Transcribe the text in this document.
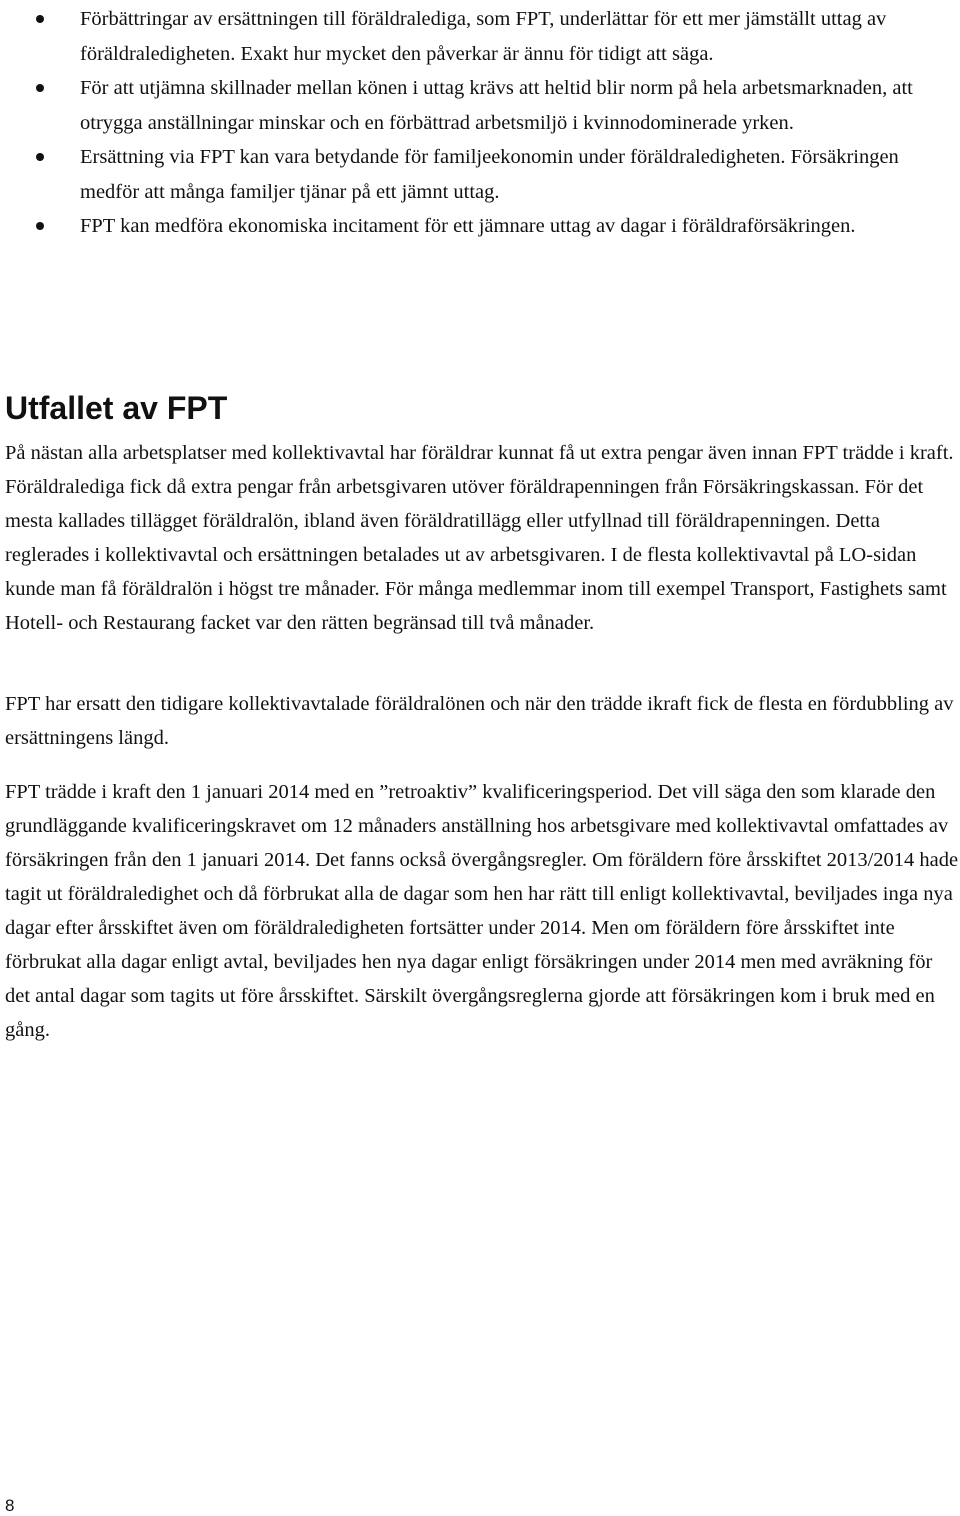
Förbättringar av ersättningen till föräldralediga, som FPT, underlättar för ett mer jämställt uttag av föräldraledigheten. Exakt hur mycket den påverkar är ännu för tidigt att säga.
För att utjämna skillnader mellan könen i uttag krävs att heltid blir norm på hela arbetsmarknaden, att otrygga anställningar minskar och en förbättrad arbetsmiljö i kvinnodominerade yrken.
Ersättning via FPT kan vara betydande för familjeekonomin under föräldraledigheten. Försäkringen medför att många familjer tjänar på ett jämnt uttag.
FPT kan medföra ekonomiska incitament för ett jämnare uttag av dagar i föräldraförsäkringen.
Utfallet av FPT

På nästan alla arbetsplatser med kollektivavtal har föräldrar kunnat få ut extra pengar även innan FPT trädde i kraft. Föräldralediga fick då extra pengar från arbetsgivaren utöver föräldrapenningen från Försäkringskassan. För det mesta kallades tillägget föräldralön, ibland även föräldratillägg eller utfyllnad till föräldrapenningen. Detta reglerades i kollektivavtal och ersättningen betalades ut av arbetsgivaren. I de flesta kollektivavtal på LO-sidan kunde man få föräldralön i högst tre månader. För många medlemmar inom till exempel Transport, Fastighets samt Hotell- och Restaurang facket var den rätten begränsad till två månader.

FPT har ersatt den tidigare kollektivavtalade föräldralönen och när den trädde ikraft fick de flesta en fördubbling av ersättningens längd.

FPT trädde i kraft den 1 januari 2014 med en ”retroaktiv” kvalificeringsperiod. Det vill säga den som klarade den grundläggande kvalificeringskravet om 12 månaders anställning hos arbetsgivare med kollektivavtal omfattades av försäkringen från den 1 januari 2014. Det fanns också övergångsregler. Om föräldern före årsskiftet 2013/2014 hade tagit ut föräldraledighet och då förbrukat alla de dagar som hen har rätt till enligt kollektivavtal, beviljades inga nya dagar efter årsskiftet även om föräldraledigheten fortsätter under 2014. Men om föräldern före årsskiftet inte förbrukat alla dagar enligt avtal, beviljades hen nya dagar enligt försäkringen under 2014 men med avräkning för det antal dagar som tagits ut före årsskiftet. Särskilt övergångsreglerna gjorde att försäkringen kom i bruk med en gång.

8
